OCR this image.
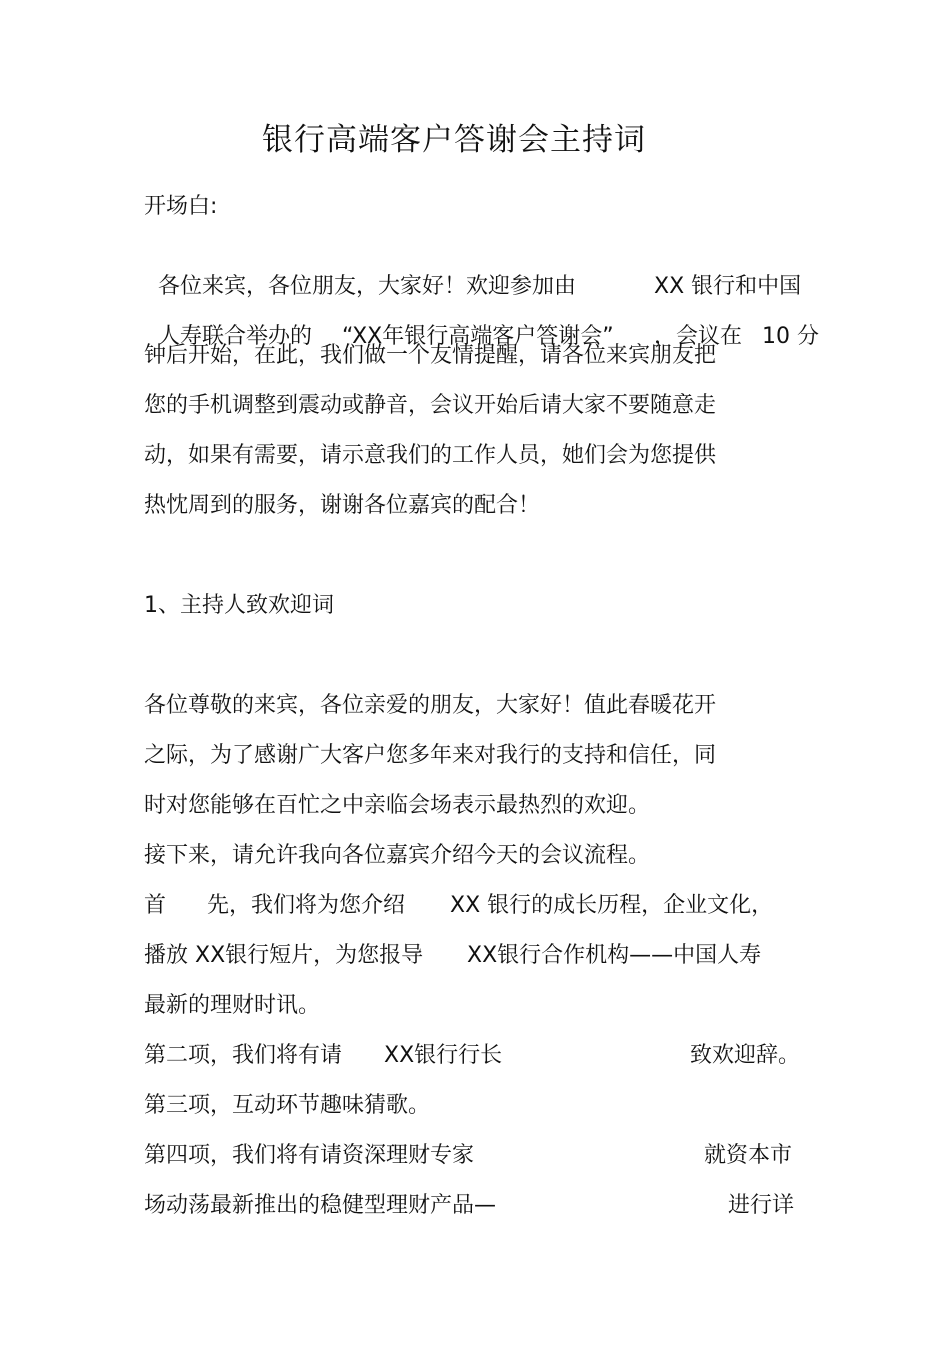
银行高端客户答谢会主持词

开场白:

各位来宾，各位朋友，大家好！欢迎参加由	XX 银行和中国

人寿联合举办的	“XX年银行高端客户答谢会”	，会议在 10 分

钟后开始，在此，我们做一个友情提醒，请各位来宾朋友把

您的手机调整到震动或静音，会议开始后请大家不要随意走

动，如果有需要，请示意我们的工作人员，她们会为您提供

热忱周到的服务，谢谢各位嘉宾的配合！

1、主持人致欢迎词

各位尊敬的来宾，各位亲爱的朋友，大家好！值此春暖花开

之际，为了感谢广大客户您多年来对我行的支持和信任，同

时对您能够在百忙之中亲临会场表示最热烈的欢迎。

接下来，请允许我向各位嘉宾介绍今天的会议流程。

首 先，我们将为您介绍 XX 银行的成长历程，企业文化，

播放 XX银行短片，为您报导 XX银行合作机构——中国人寿

最新的理财时讯。

第二项，我们将有请 XX银行行长	致欢迎辞。

第三项，互动环节趣味猜歌。

第四项，我们将有请资深理财专家	就资本市

场动荡最新推出的稳健型理财产品—	进行详
